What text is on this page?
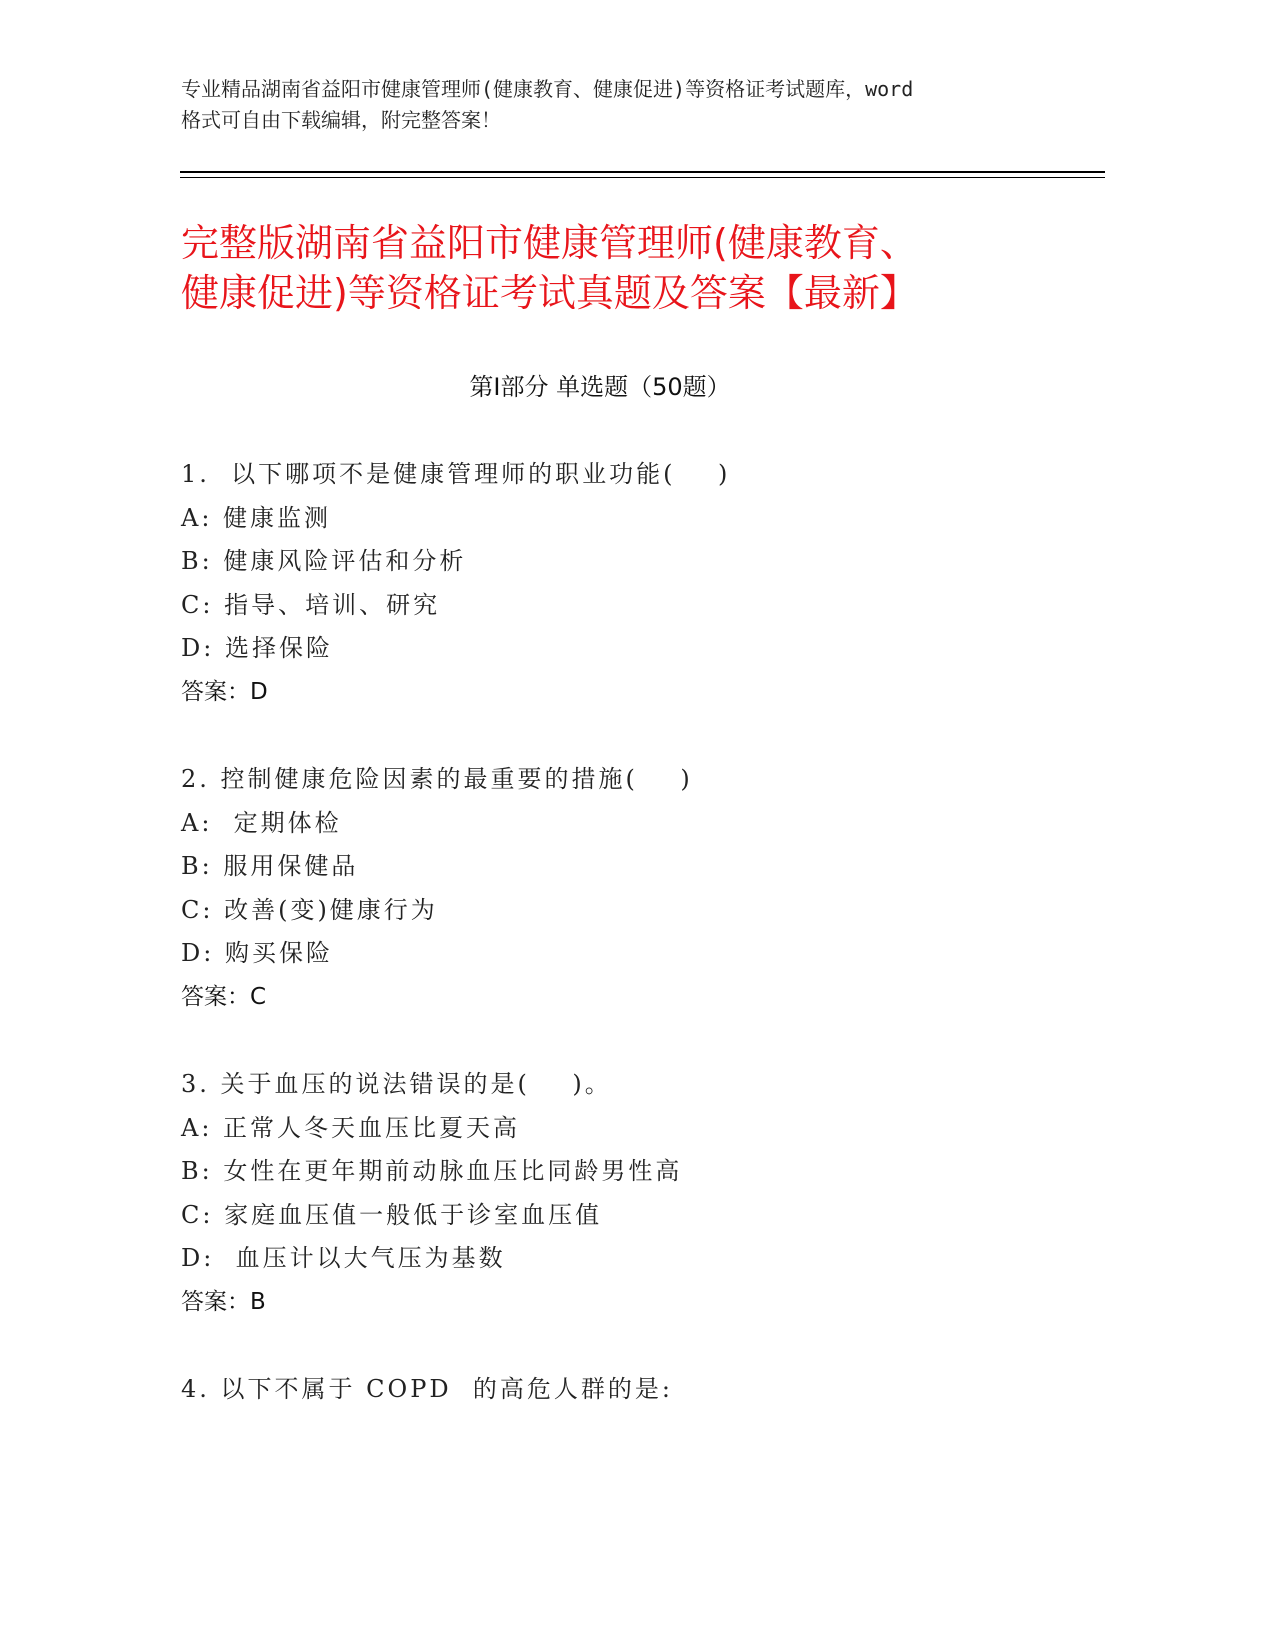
专业精品湖南省益阳市健康管理师(健康教育、健康促进)等资格证考试题库，word
格式可自由下载编辑，附完整答案！
完整版湖南省益阳市健康管理师(健康教育、
健康促进)等资格证考试真题及答案【最新】
第Ⅰ部分 单选题（50题）
1.  以下哪项不是健康管理师的职业功能(    )
A: 健康监测
B: 健康风险评估和分析
C: 指导、培训、研究
D: 选择保险
答案：D
2. 控制健康危险因素的最重要的措施(    )
A:  定期体检
B: 服用保健品
C: 改善(变)健康行为
D: 购买保险
答案：C
3. 关于血压的说法错误的是(    )。
A: 正常人冬天血压比夏天高
B: 女性在更年期前动脉血压比同龄男性高
C: 家庭血压值一般低于诊室血压值
D:  血压计以大气压为基数
答案：B
4. 以下不属于 COPD  的高危人群的是:
